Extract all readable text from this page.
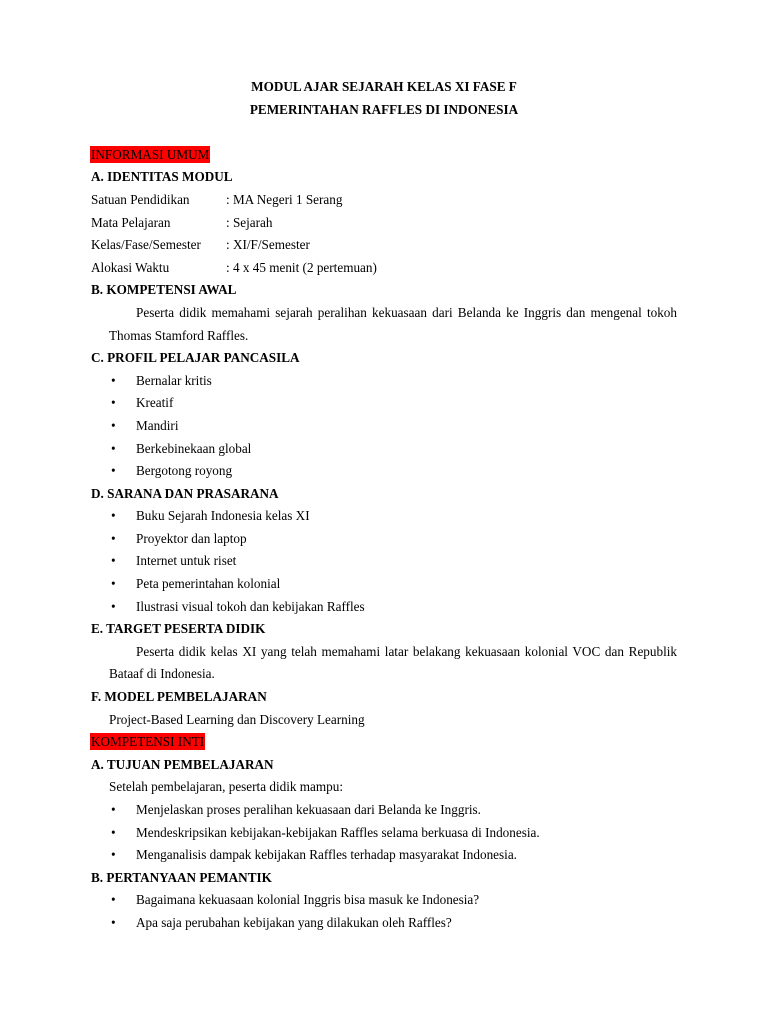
MODUL AJAR SEJARAH KELAS XI FASE F

PEMERINTAHAN RAFFLES DI INDONESIA

INFORMASI UMUM

A. IDENTITAS MODUL

Satuan Pendidikan	: MA Negeri 1 Serang
Mata Pelajaran	: Sejarah
Kelas/Fase/Semester	: XI/F/Semester
Alokasi Waktu	: 4 x 45 menit (2 pertemuan)

B. KOMPETENSI AWAL

Peserta didik memahami sejarah peralihan kekuasaan dari Belanda ke Inggris dan mengenal tokoh Thomas Stamford Raffles.

C. PROFIL PELAJAR PANCASILA

• Bernalar kritis
• Kreatif
• Mandiri
• Berkebinekaan global
• Bergotong royong

D. SARANA DAN PRASARANA

• Buku Sejarah Indonesia kelas XI
• Proyektor dan laptop
• Internet untuk riset
• Peta pemerintahan kolonial
• Ilustrasi visual tokoh dan kebijakan Raffles

E. TARGET PESERTA DIDIK

Peserta didik kelas XI yang telah memahami latar belakang kekuasaan kolonial VOC dan Republik Bataaf di Indonesia.

F. MODEL PEMBELAJARAN

Project-Based Learning dan Discovery Learning

KOMPETENSI INTI

A. TUJUAN PEMBELAJARAN

Setelah pembelajaran, peserta didik mampu:

• Menjelaskan proses peralihan kekuasaan dari Belanda ke Inggris.
• Mendeskripsikan kebijakan-kebijakan Raffles selama berkuasa di Indonesia.
• Menganalisis dampak kebijakan Raffles terhadap masyarakat Indonesia.

B. PERTANYAAN PEMANTIK

• Bagaimana kekuasaan kolonial Inggris bisa masuk ke Indonesia?
• Apa saja perubahan kebijakan yang dilakukan oleh Raffles?
